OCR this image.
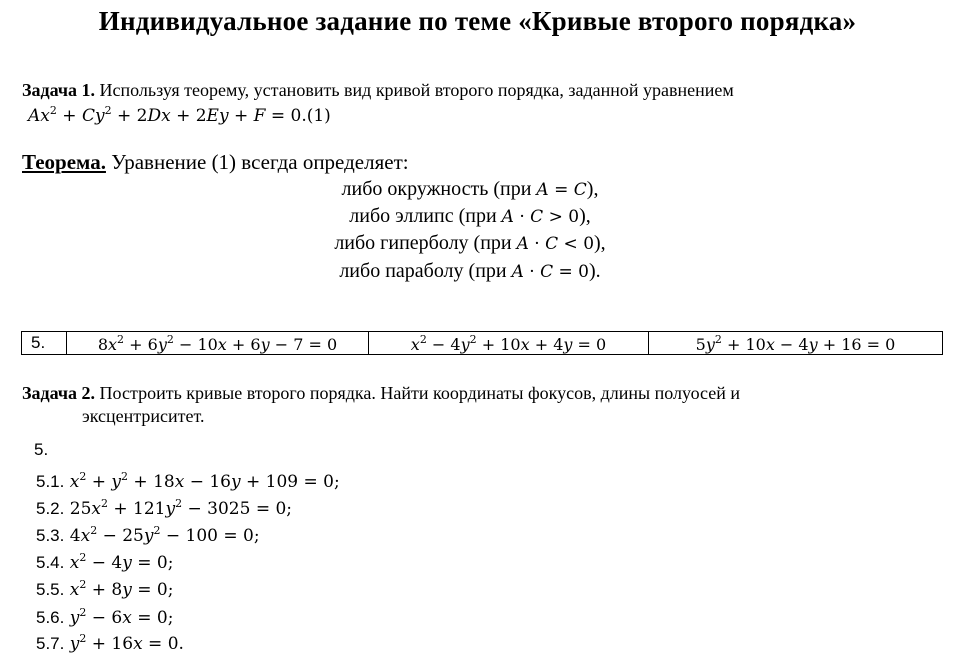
Индивидуальное задание по теме «Кривые второго порядка»
Задача 1. Используя теорему, установить вид кривой второго порядка, заданной уравнением
$Ax^2 + Cy^2 + 2Dx + 2Ey + F = 0.(1)$
Теорема. Уравнение (1) всегда определяет:
либо окружность (при A = C),
либо эллипс (при A · C > 0),
либо гиперболу (при A · C < 0),
либо параболу (при A · C = 0).
5.	$8x^2 + 6y^2 - 10x + 6y - 7 = 0$	$x^2 - 4y^2 + 10x + 4y = 0$	$5y^2 + 10x - 4y + 16 = 0$
Задача 2. Построить кривые второго порядка. Найти координаты фокусов, длины полуосей и
эксцентриситет.
5.
5.1. $x^2 + y^2 + 18x - 16y + 109 = 0$;
5.2. $25x^2 + 121y^2 - 3025 = 0$;
5.3. $4x^2 - 25y^2 - 100 = 0$;
5.4. $x^2 - 4y = 0$;
5.5. $x^2 + 8y = 0$;
5.6. $y^2 - 6x = 0$;
5.7. $y^2 + 16x = 0$.
